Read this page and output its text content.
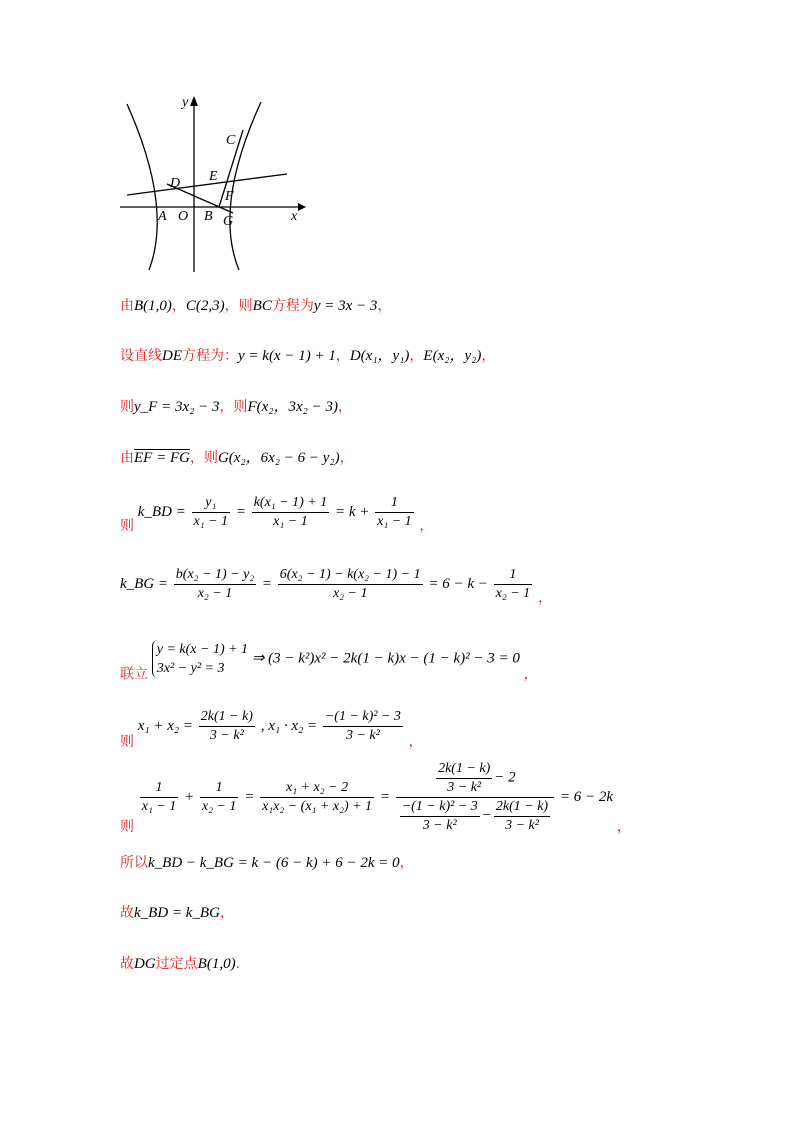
y
x
C
D E
F
A O B G
由B(1,0)，C(2,3)，则BC方程为y = 3x − 3，
设直线DE方程为：y = k(x − 1) + 1，D(x₁，y₁)，E(x₂，y₂)，
则y_F = 3x₂ − 3，则F(x₂，3x₂ − 3)，
由EF = FG，则G(x₂，6x₂ − 6 − y₂)，
则 k_BD = $\frac{\text{y₁}}{\text{x₁ − 1}} = \frac{\text{k(x₁ − 1) + 1}}{\text{x₁ − 1}} = k + \frac{1}{\text{x₁ − 1}}$ ，
k_BG = $\frac{\text{b(x₂ − 1) − y₂}}{\text{x₂ − 1}} = \frac{\text{6(x₂ − 1) − k(x₂ − 1) − 1}}{\text{x₂ − 1}} = 6 - k - \frac{1}{\text{x₂ − 1}}$ ，
联立
y = k(x − 1) + 1
3x² − y² = 3
⇒ (3 − k²)x² − 2k(1 − k)x − (1 − k)² − 3 = 0 ，
则 $x_1 + x_2 = \frac{2k(1 - k)}{\text{3 − k²}}$ , $x_1 \cdot x_2 = \frac{\text{−(1 − k)² − 3}}{\text{3 − k²}}$ ，
则
$\frac{1}{\text{x₁ − 1}} + \frac{1}{\text{x₂ − 1}} = \frac{\text{x₁ + x₂ − 2}}{\text{x₁x₂ − (x₁ + x₂) + 1}} = \frac{\frac{2k(1 - k)}{\text{3 − k²}} - 2}{\frac{\text{−(1 − k)² − 3}}{\text{3 − k²}} - \frac{2k(1 - k)}{\text{3 − k²}}} = 6 - 2k$ ，
所以k_BD − k_BG = k − (6 − k) + 6 − 2k = 0，
故k_BD = k_BG，
故DG过定点B(1,0).
